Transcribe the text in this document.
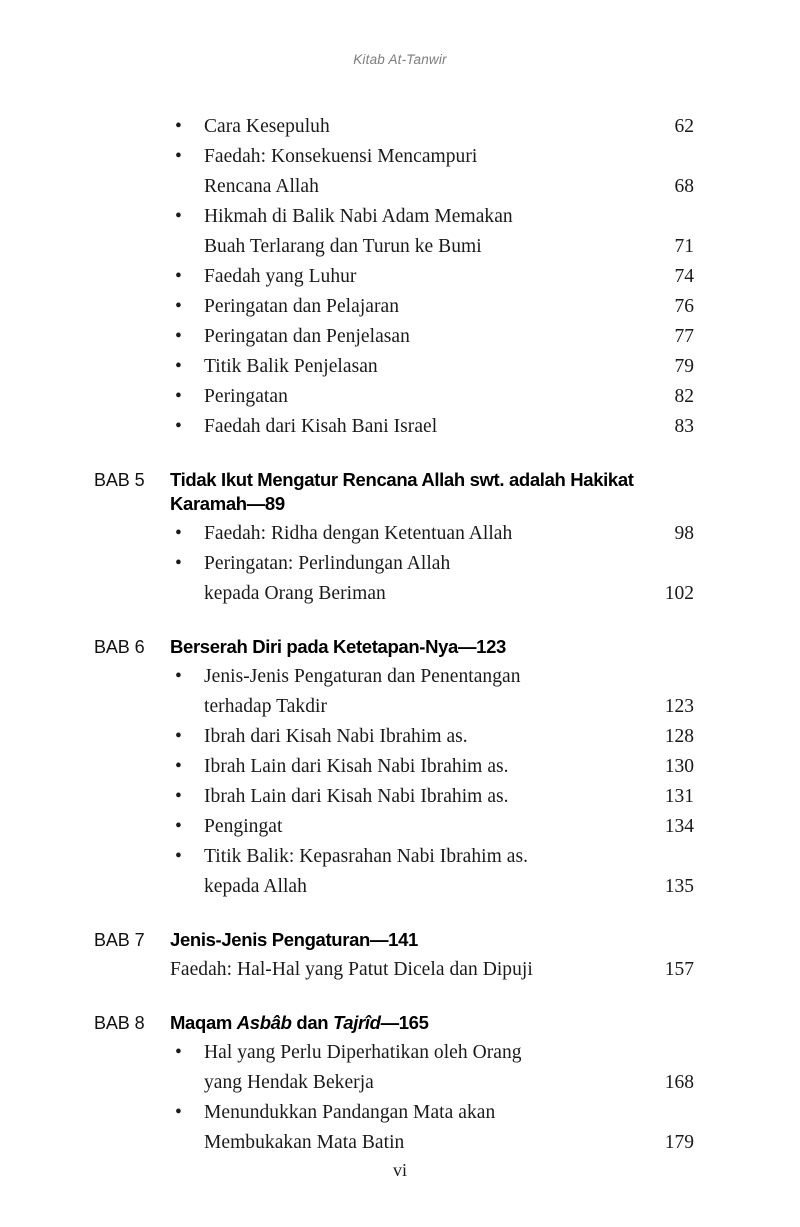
Kitab At-Tanwir
•	Cara Kesepuluh	62
•	Faedah: Konsekuensi Mencampuri
Rencana Allah	68
•	Hikmah di Balik Nabi Adam Memakan
Buah Terlarang dan Turun ke Bumi	71
•	Faedah yang Luhur	74
•	Peringatan dan Pelajaran	76
•	Peringatan dan Penjelasan	77
•	Titik Balik Penjelasan	79
•	Peringatan	82
•	Faedah dari Kisah Bani Israel	83
BAB 5	Tidak Ikut Mengatur Rencana Allah swt. adalah Hakikat Karamah—89
•	Faedah: Ridha dengan Ketentuan Allah	98
•	Peringatan: Perlindungan Allah
kepada Orang Beriman	102
BAB 6	Berserah Diri pada Ketetapan-Nya—123
•	Jenis-Jenis Pengaturan dan Penentangan
terhadap Takdir	123
•	Ibrah dari Kisah Nabi Ibrahim as.	128
•	Ibrah Lain dari Kisah Nabi Ibrahim as.	130
•	Ibrah Lain dari Kisah Nabi Ibrahim as.	131
•	Pengingat	134
•	Titik Balik: Kepasrahan Nabi Ibrahim as.
kepada Allah	135
BAB 7	Jenis-Jenis Pengaturan—141
Faedah: Hal-Hal yang Patut Dicela dan Dipuji	157
BAB 8	Maqam Asbâb dan Tajrîd—165
•	Hal yang Perlu Diperhatikan oleh Orang
yang Hendak Bekerja	168
•	Menundukkan Pandangan Mata akan
Membukakan Mata Batin	179
vi
